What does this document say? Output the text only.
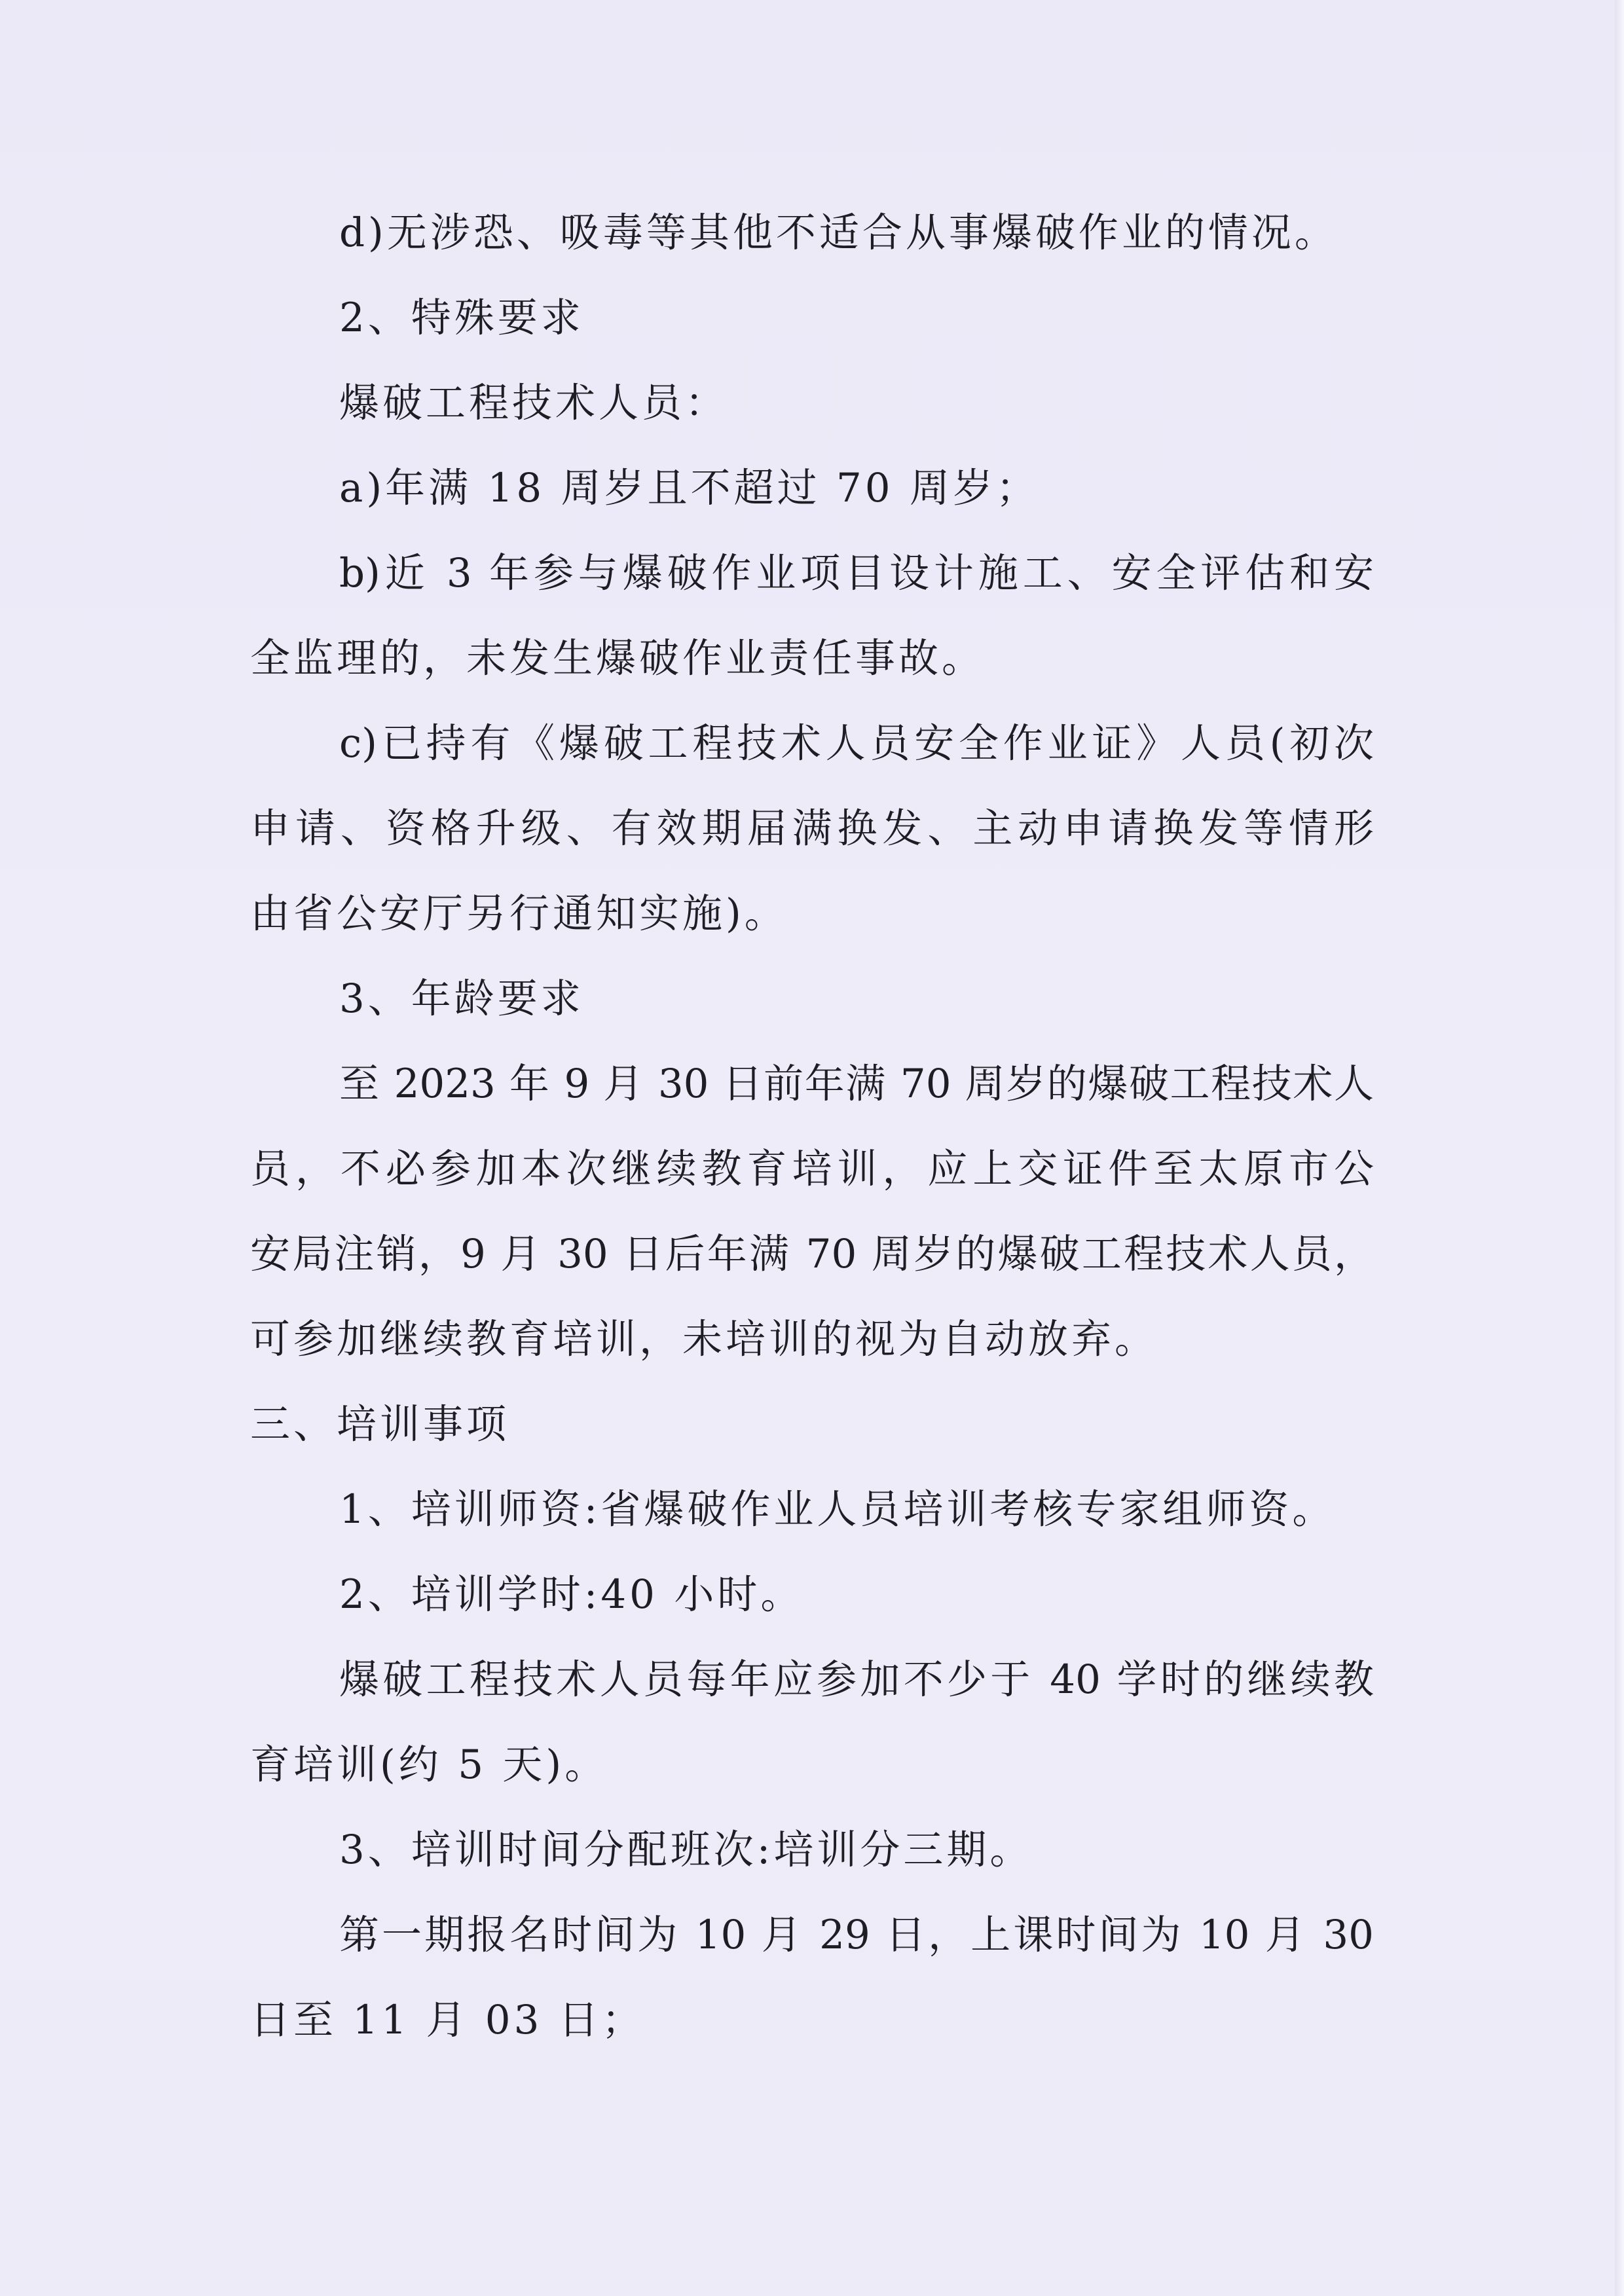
d)无涉恐、吸毒等其他不适合从事爆破作业的情况。

2、特殊要求

爆破工程技术人员：

a)年满 18 周岁且不超过 70 周岁；

b)近 3 年参与爆破作业项目设计施工、安全评估和安

全监理的，未发生爆破作业责任事故。

c)已持有《爆破工程技术人员安全作业证》人员(初次

申请、资格升级、有效期届满换发、主动申请换发等情形

由省公安厅另行通知实施)。

3、年龄要求

至 2023 年 9 月 30 日前年满 70 周岁的爆破工程技术人

员，不必参加本次继续教育培训，应上交证件至太原市公

安局注销，9 月 30 日后年满 70 周岁的爆破工程技术人员，

可参加继续教育培训，未培训的视为自动放弃。

三、培训事项

1、培训师资:省爆破作业人员培训考核专家组师资。

2、培训学时:40 小时。

爆破工程技术人员每年应参加不少于 40 学时的继续教

育培训(约 5 天)。

3、培训时间分配班次:培训分三期。

第一期报名时间为 10 月 29 日，上课时间为 10 月 30

日至 11 月 03 日；
